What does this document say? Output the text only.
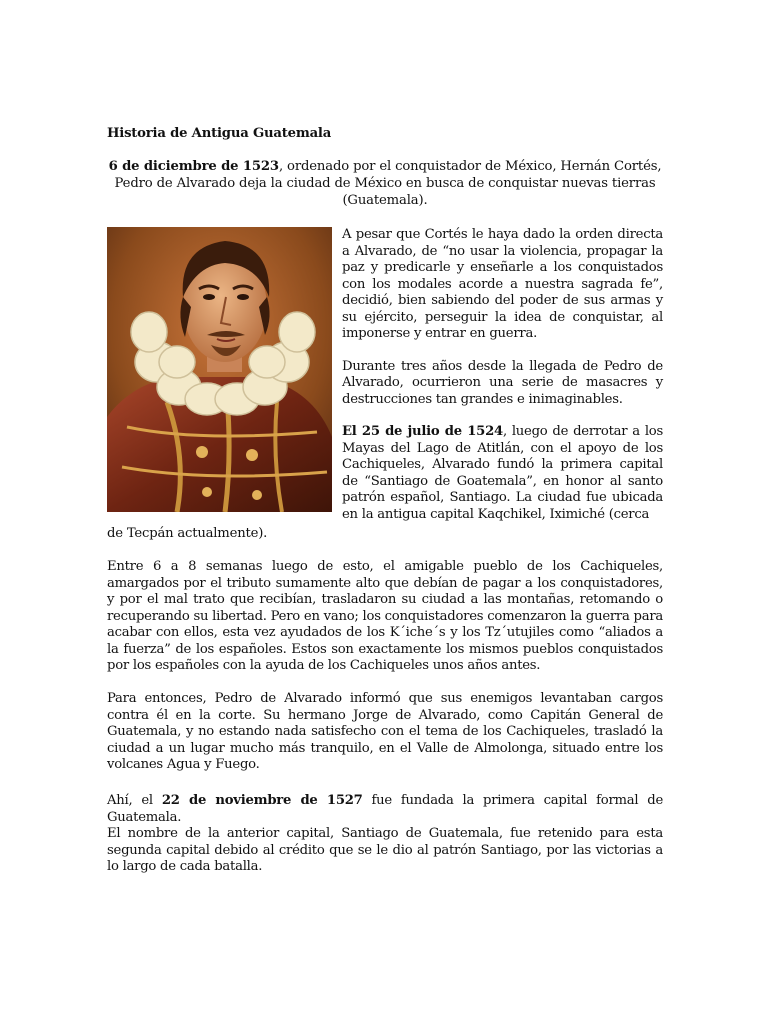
Historia de Antigua Guatemala
6 de diciembre de 1523, ordenado por el conquistador de México, Hernán Cortés, Pedro de Alvarado deja la ciudad de México en busca de conquistar nuevas tierras (Guatemala).

A pesar que Cortés le haya dado la orden directa a Alvarado, de “no usar la violencia, propagar la paz y predicarle y enseñarle a los conquistados con los modales acorde a nuestra sagrada fe”, decidió, bien sabiendo del poder de sus armas y su ejército, perseguir la idea de conquistar, al imponerse y entrar en guerra.

Durante tres años desde la llegada de Pedro de Alvarado, ocurrieron una serie de masacres y destrucciones tan grandes e inimaginables.

El 25 de julio de 1524, luego de derrotar a los Mayas del Lago de Atitlán, con el apoyo de los Cachiqueles, Alvarado fundó la primera capital de “Santiago de Goatemala”, en honor al santo patrón español, Santiago. La ciudad fue ubicada en la antigua capital Kaqchikel, Iximiché (cerca

de Tecpán actualmente).

Entre 6 a 8 semanas luego de esto, el amigable pueblo de los Cachiqueles, amargados por el tributo sumamente alto que debían de pagar a los conquistadores, y por el mal trato que recibían, trasladaron su ciudad a las montañas, retomando o recuperando su libertad. Pero en vano; los conquistadores comenzaron la guerra para acabar con ellos, esta vez ayudados de los K´iche´s y los Tz´utujiles como “aliados a la fuerza” de los españoles. Estos son exactamente los mismos pueblos conquistados por los españoles con la ayuda de los Cachiqueles unos años antes.

Para entonces, Pedro de Alvarado informó que sus enemigos levantaban cargos contra él en la corte. Su hermano Jorge de Alvarado, como Capitán General de Guatemala, y no estando nada satisfecho con el tema de los Cachiqueles, trasladó la ciudad a un lugar mucho más tranquilo, en el Valle de Almolonga, situado entre los volcanes Agua y Fuego.

Ahí, el 22 de noviembre de 1527 fue fundada la primera capital formal de Guatemala.

El nombre de la anterior capital, Santiago de Guatemala, fue retenido para esta segunda capital debido al crédito que se le dio al patrón Santiago, por las victorias a lo largo de cada batalla.
